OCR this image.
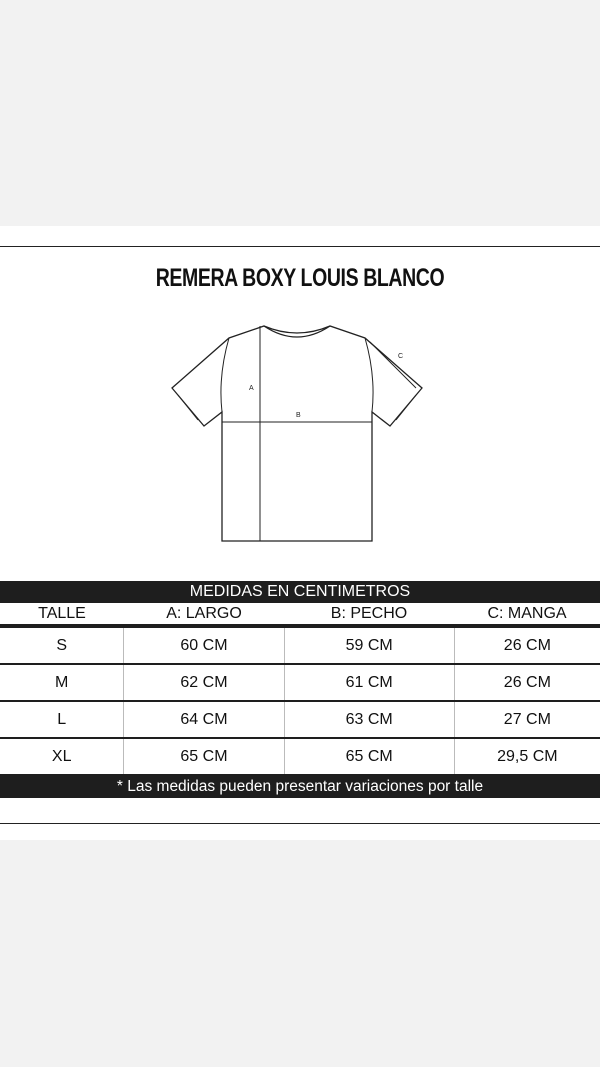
REMERA BOXY LOUIS BLANCO
A
B
C
MEDIDAS EN CENTIMETROS
TALLE	A: LARGO	B: PECHO	C: MANGA
S	60 CM	59 CM	26 CM
M	62 CM	61 CM	26 CM
L	64 CM	63 CM	27 CM
XL	65 CM	65 CM	29,5 CM
* Las medidas pueden presentar variaciones por talle
